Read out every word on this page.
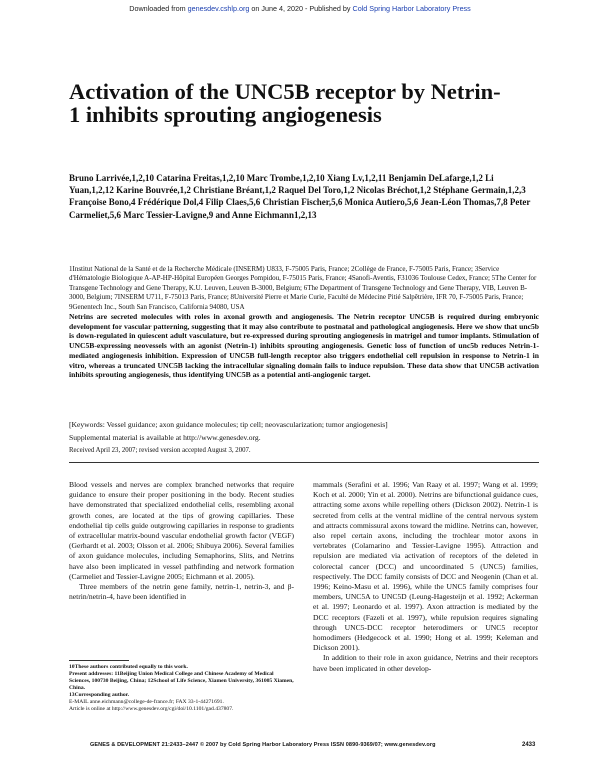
Downloaded from genesdev.cshlp.org on June 4, 2020 - Published by Cold Spring Harbor Laboratory Press
Activation of the UNC5B receptor by Netrin-1 inhibits sprouting angiogenesis
Bruno Larrivée,1,2,10 Catarina Freitas,1,2,10 Marc Trombe,1,2,10 Xiang Lv,1,2,11 Benjamin DeLafarge,1,2 Li Yuan,1,2,12 Karine Bouvrée,1,2 Christiane Bréant,1,2 Raquel Del Toro,1,2 Nicolas Bréchot,1,2 Stéphane Germain,1,2,3 Françoise Bono,4 Frédérique Dol,4 Filip Claes,5,6 Christian Fischer,5,6 Monica Autiero,5,6 Jean-Léon Thomas,7,8 Peter Carmeliet,5,6 Marc Tessier-Lavigne,9 and Anne Eichmann1,2,13
1Institut National de la Santé et de la Recherche Médicale (INSERM) U833, F-75005 Paris, France; 2Collège de France, F-75005 Paris, France; 3Service d'Hématologie Biologique A-AP-HP-Hôpital Européen Georges Pompidou, F-75015 Paris, France; 4Sanofi-Aventis, F31036 Toulouse Cedex, France; 5The Center for Transgene Technology and Gene Therapy, K.U. Leuven, Leuven B-3000, Belgium; 6The Department of Transgene Technology and Gene Therapy, VIB, Leuven B-3000, Belgium; 7INSERM U711, F-75013 Paris, France; 8Université Pierre et Marie Curie, Faculté de Médecine Pitié Salpêtrière, IFR 70, F-75005 Paris, France; 9Genentech Inc., South San Francisco, California 94080, USA
Netrins are secreted molecules with roles in axonal growth and angiogenesis. The Netrin receptor UNC5B is required during embryonic development for vascular patterning, suggesting that it may also contribute to postnatal and pathological angiogenesis. Here we show that unc5b is down-regulated in quiescent adult vasculature, but re-expressed during sprouting angiogenesis in matrigel and tumor implants. Stimulation of UNC5B-expressing neovessels with an agonist (Netrin-1) inhibits sprouting angiogenesis. Genetic loss of function of unc5b reduces Netrin-1-mediated angiogenesis inhibition. Expression of UNC5B full-length receptor also triggers endothelial cell repulsion in response to Netrin-1 in vitro, whereas a truncated UNC5B lacking the intracellular signaling domain fails to induce repulsion. These data show that UNC5B activation inhibits sprouting angiogenesis, thus identifying UNC5B as a potential anti-angiogenic target.
[Keywords: Vessel guidance; axon guidance molecules; tip cell; neovascularization; tumor angiogenesis]
Supplemental material is available at http://www.genesdev.org.
Received April 23, 2007; revised version accepted August 3, 2007.

Blood vessels and nerves are complex branched networks that require guidance to ensure their proper positioning in the body. Recent studies have demonstrated that specialized endothelial cells, resembling axonal growth cones, are located at the tips of growing capillaries. These endothelial tip cells guide outgrowing capillaries in response to gradients of extracellular matrix-bound vascular endothelial growth factor (VEGF) (Gerhardt et al. 2003; Olsson et al. 2006; Shibuya 2006). Several families of axon guidance molecules, including Semaphorins, Slits, and Netrins have also been implicated in vessel pathfinding and network formation (Carmeliet and Tessier-Lavigne 2005; Eichmann et al. 2005).

Three members of the netrin gene family, netrin-1, netrin-3, and β-netrin/netrin-4, have been identified in

mammals (Serafini et al. 1996; Van Raay et al. 1997; Wang et al. 1999; Koch et al. 2000; Yin et al. 2000). Netrins are bifunctional guidance cues, attracting some axons while repelling others (Dickson 2002). Netrin-1 is secreted from cells at the ventral midline of the central nervous system and attracts commissural axons toward the midline. Netrins can, however, also repel certain axons, including the trochlear motor axons in vertebrates (Colamarino and Tessier-Lavigne 1995). Attraction and repulsion are mediated via activation of receptors of the deleted in colorectal cancer (DCC) and uncoordinated 5 (UNC5) families, respectively. The DCC family consists of DCC and Neogenin (Chan et al. 1996; Keino-Masu et al. 1996), while the UNC5 family comprises four members, UNC5A to UNC5D (Leung-Hagesteijn et al. 1992; Ackerman et al. 1997; Leonardo et al. 1997). Axon attraction is mediated by the DCC receptors (Fazeli et al. 1997), while repulsion requires signaling through UNC5-DCC receptor heterodimers or UNC5 receptor homodimers (Hedgecock et al. 1990; Hong et al. 1999; Keleman and Dickson 2001).

In addition to their role in axon guidance, Netrins and their receptors have been implicated in other develop-

10These authors contributed equally to this work.
Present addresses: 11Beijing Union Medical College and Chinese Academy of Medical Sciences, 100730 Beijing, China; 12School of Life Science, Xiamen University, 361005 Xiamen, China.
13Corresponding author.
E-MAIL anne.eichmann@college-de-france.fr; FAX 33-1-44271691.
Article is online at http://www.genesdev.org/cgi/doi/10.1101/gad.437807.
GENES & DEVELOPMENT 21:2433–2447 © 2007 by Cold Spring Harbor Laboratory Press ISSN 0890-9369/07; www.genesdev.org	2433
